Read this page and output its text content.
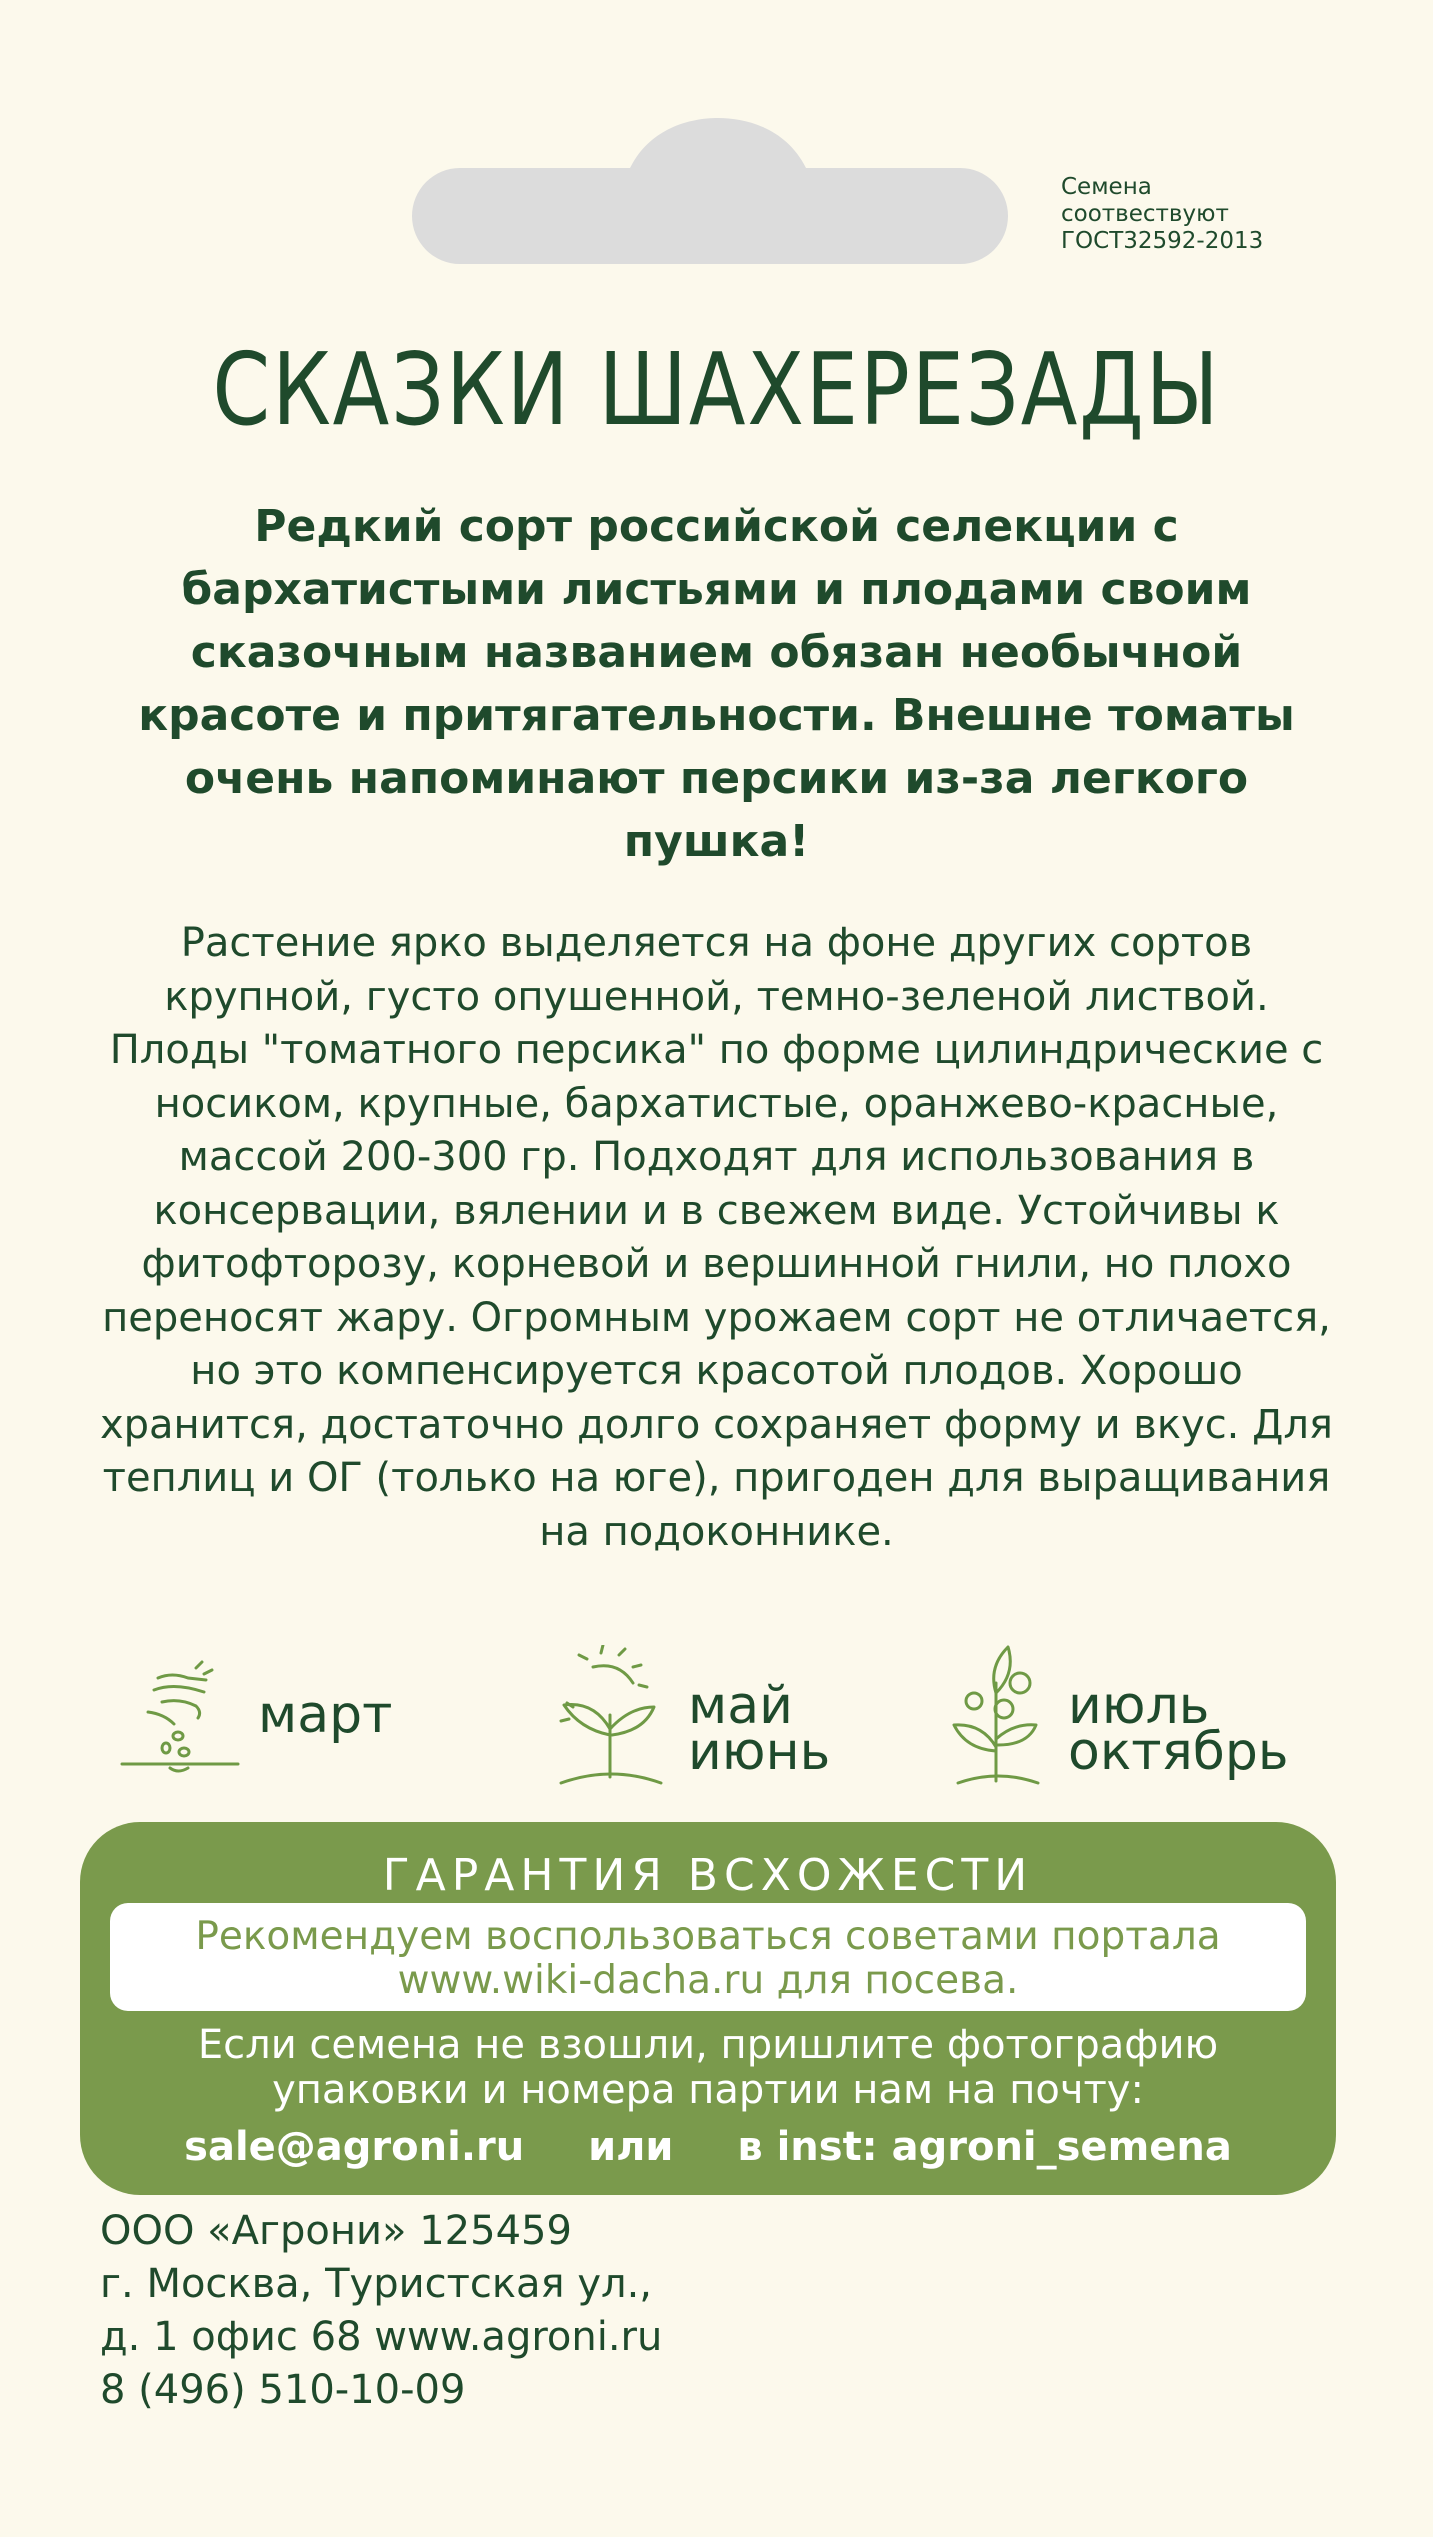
Семена
соотвествуют
ГОСТ32592-2013
СКАЗКИ ШАХЕРЕЗАДЫ
Редкий сорт российской селекции с бархатистыми листьями и плодами своим сказочным названием обязан необычной красоте и притягательности. Внешне томаты очень напоминают персики из-за легкого пушка!
Растение ярко выделяется на фоне других сортов крупной, густо опушенной, темно-зеленой листвой. Плоды "томатного персика" по форме цилиндрические с носиком, крупные, бархатистые, оранжево-красные, массой 200-300 гр. Подходят для использования в консервации, вялении и в свежем виде. Устойчивы к фитофторозу, корневой и вершинной гнили, но плохо переносят жару. Огромным урожаем сорт не отличается, но это компенсируется красотой плодов. Хорошо хранится, достаточно долго сохраняет форму и вкус. Для теплиц и ОГ (только на юге), пригоден для выращивания на подоконнике.
март	май
июнь
июль
октябрь
ГАРАНТИЯ ВСХОЖЕСТИ
Рекомендуем воспользоваться советами портала
www.wiki-dacha.ru для посева.
Если семена не взошли, пришлите фотографию
упаковки и номера партии нам на почту:
sale@agroni.ru или в inst: agroni_semena
ООО «Агрони» 125459
г. Москва, Туристская ул.,
д. 1 офис 68 www.agroni.ru
8 (496) 510-10-09
